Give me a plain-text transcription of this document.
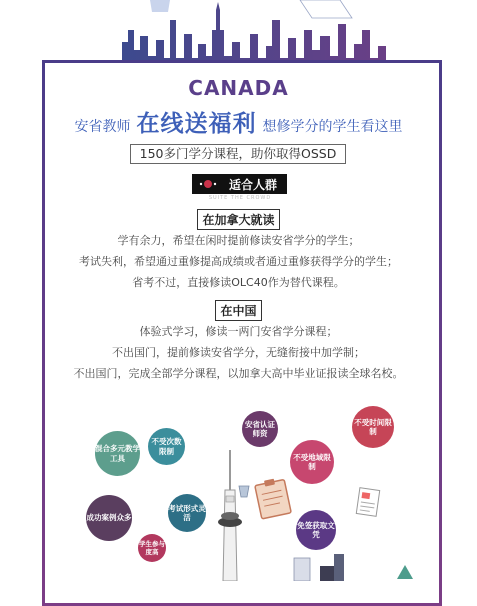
CANADA
安省教师 在线送福利 想修学分的学生看这里
150多门学分课程，助你取得OSSD
适合人群
SUITE THE CROWD
在加拿大就读
学有余力，希望在闲时提前修读安省学分的学生；
考试失利，希望通过重修提高成绩或者通过重修获得学分的学生；
省考不过，直接修读OLC40作为替代课程。
在中国
体验式学习，修读一两门安省学分课程；
不出国门，提前修读安省学分，无缝衔接中加学制；
不出国门，完成全部学分课程，以加拿大高中毕业证报读全球名校。
混合多元教学工具
不受次数限制
安省认证师资
不受时间限制
不受地域限制
成功案例众多
考试形式灵活
学生参与度高
免签获取文凭
